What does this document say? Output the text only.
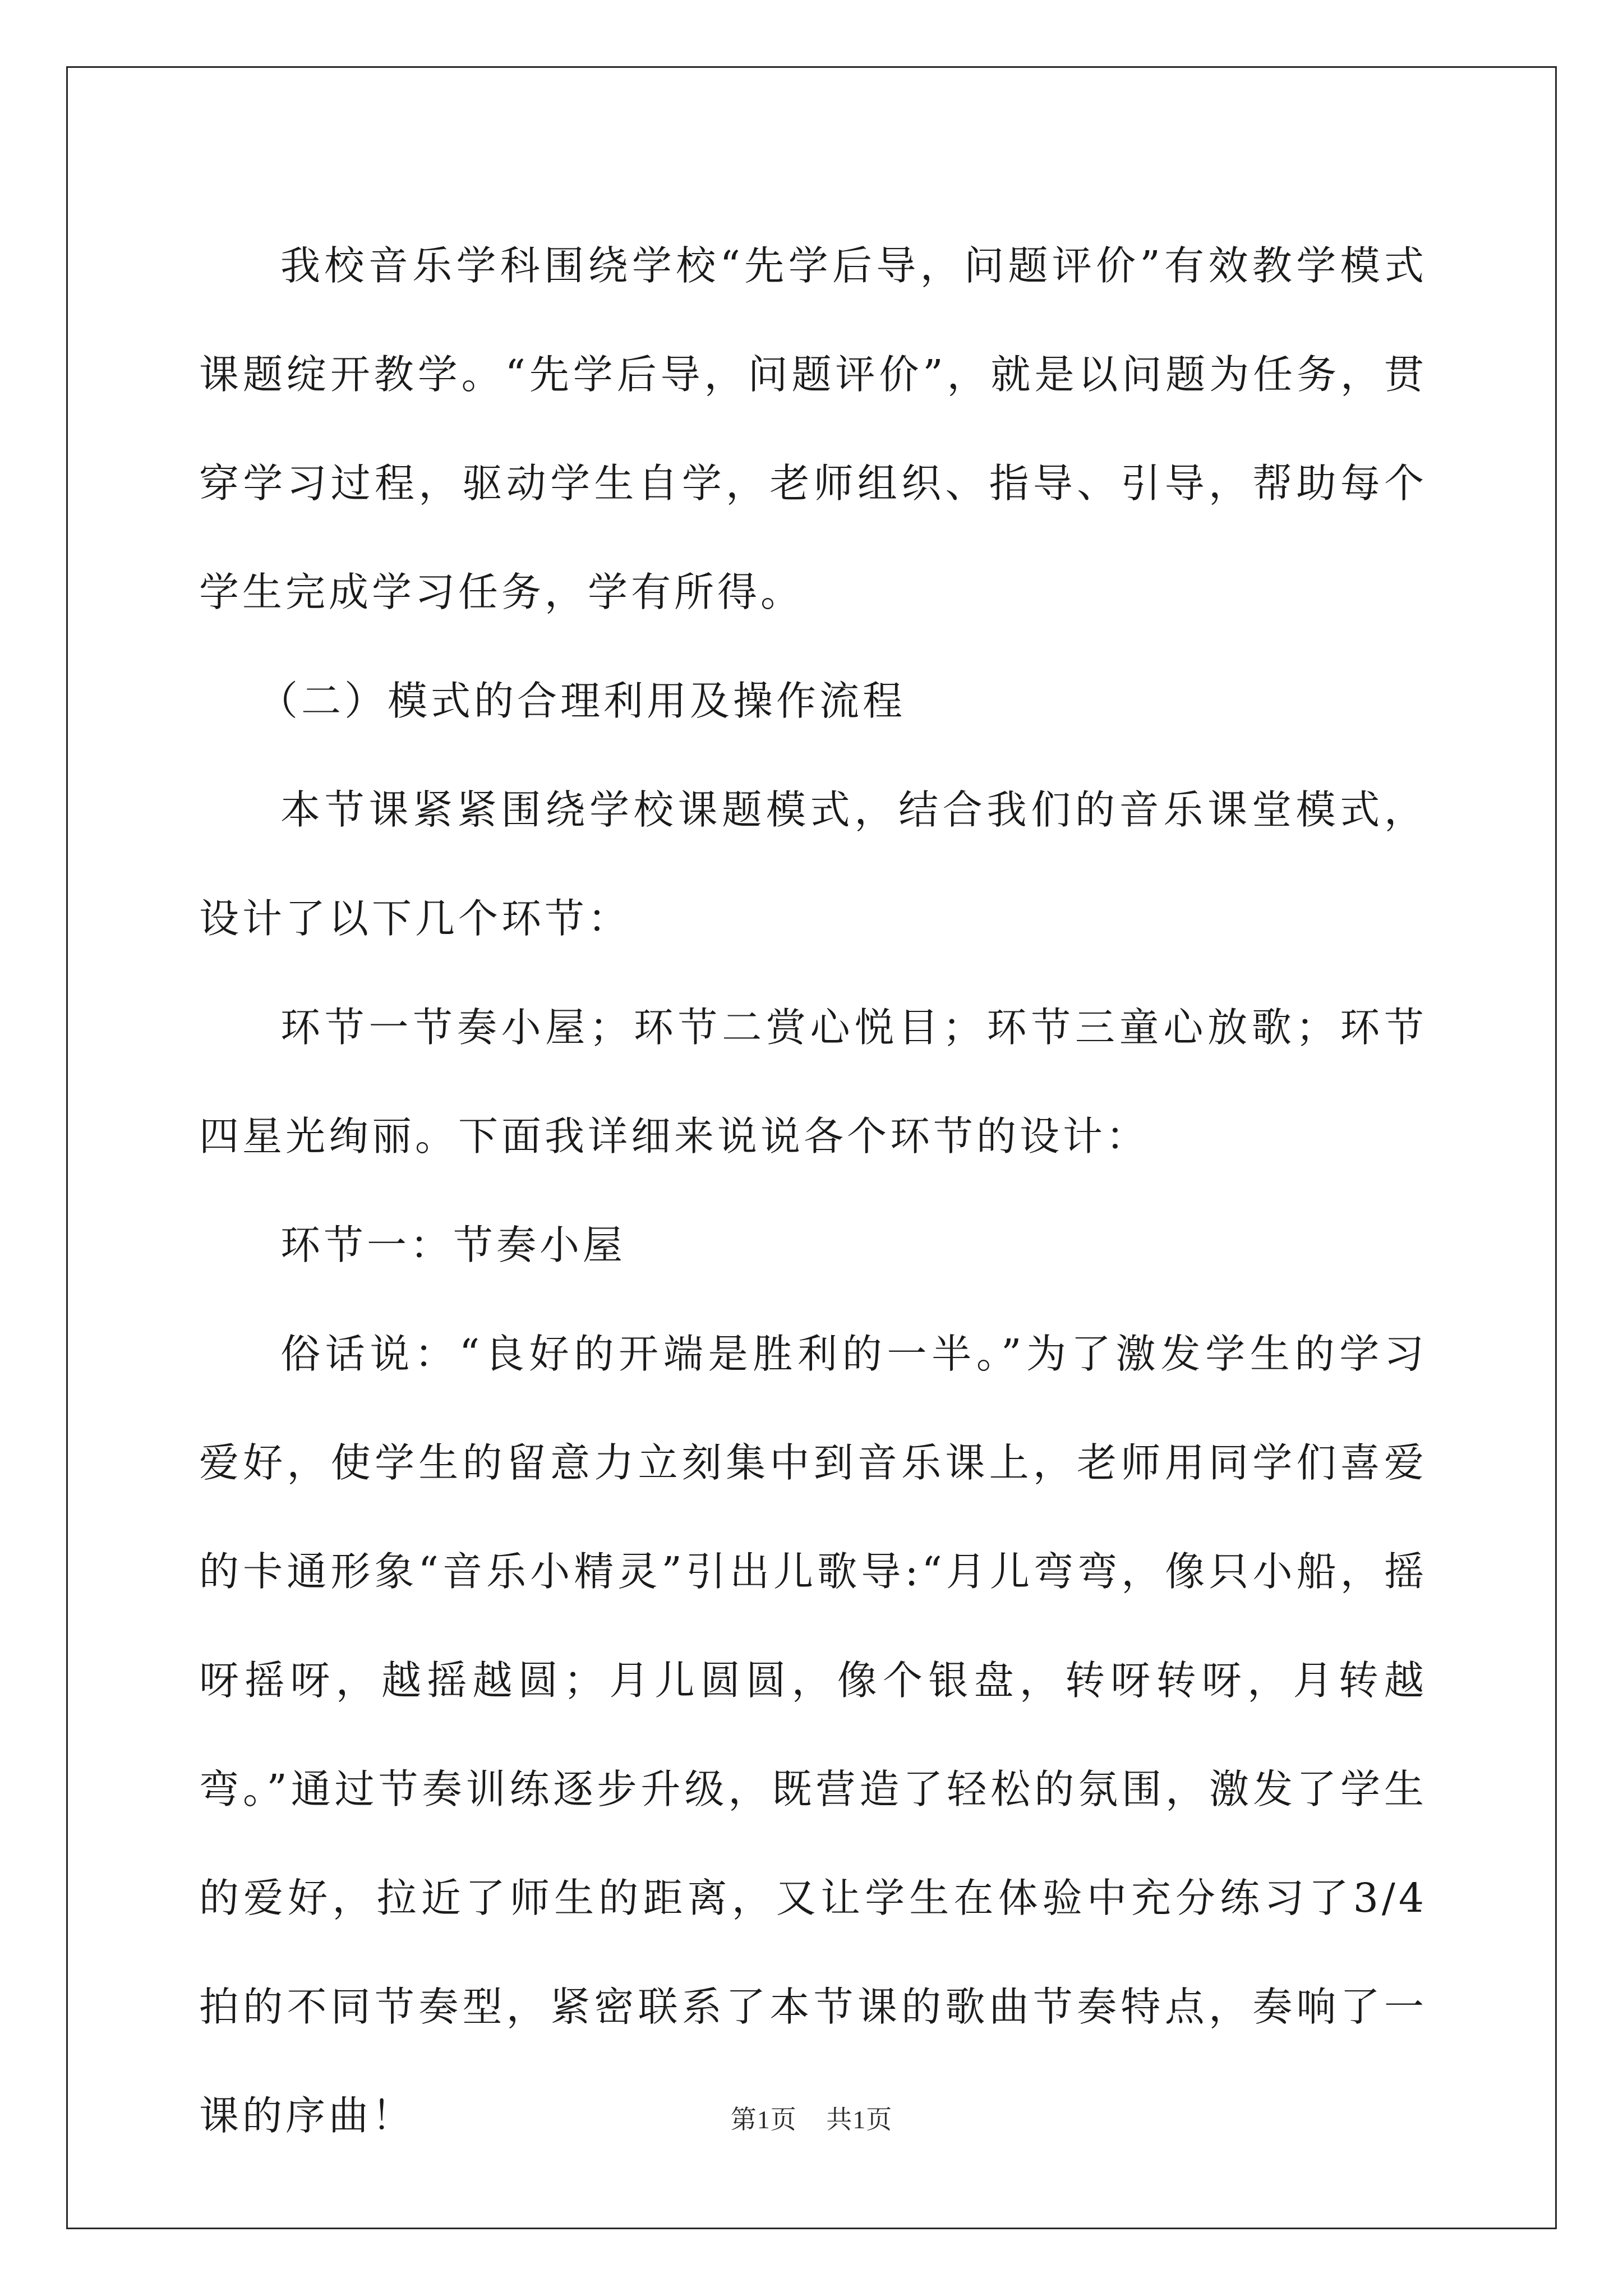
我校音乐学科围绕学校“先学后导，问题评价”有效教学模式课题绽开教学。“先学后导，问题评价”，就是以问题为任务，贯穿学习过程，驱动学生自学，老师组织、指导、引导，帮助每个学生完成学习任务，学有所得。

（二）模式的合理利用及操作流程

本节课紧紧围绕学校课题模式，结合我们的音乐课堂模式，设计了以下几个环节：

环节一节奏小屋；环节二赏心悦目；环节三童心放歌；环节四星光绚丽。下面我详细来说说各个环节的设计：

环节一：节奏小屋

俗话说：“良好的开端是胜利的一半。”为了激发学生的学习爱好，使学生的留意力立刻集中到音乐课上，老师用同学们喜爱的卡通形象“音乐小精灵”引出儿歌导:“月儿弯弯，像只小船，摇呀摇呀，越摇越圆；月儿圆圆，像个银盘，转呀转呀，月转越弯。”通过节奏训练逐步升级，既营造了轻松的氛围，激发了学生的爱好，拉近了师生的距离，又让学生在体验中充分练习了3/4拍的不同节奏型，紧密联系了本节课的歌曲节奏特点，奏响了一课的序曲！	第1页 共1页
